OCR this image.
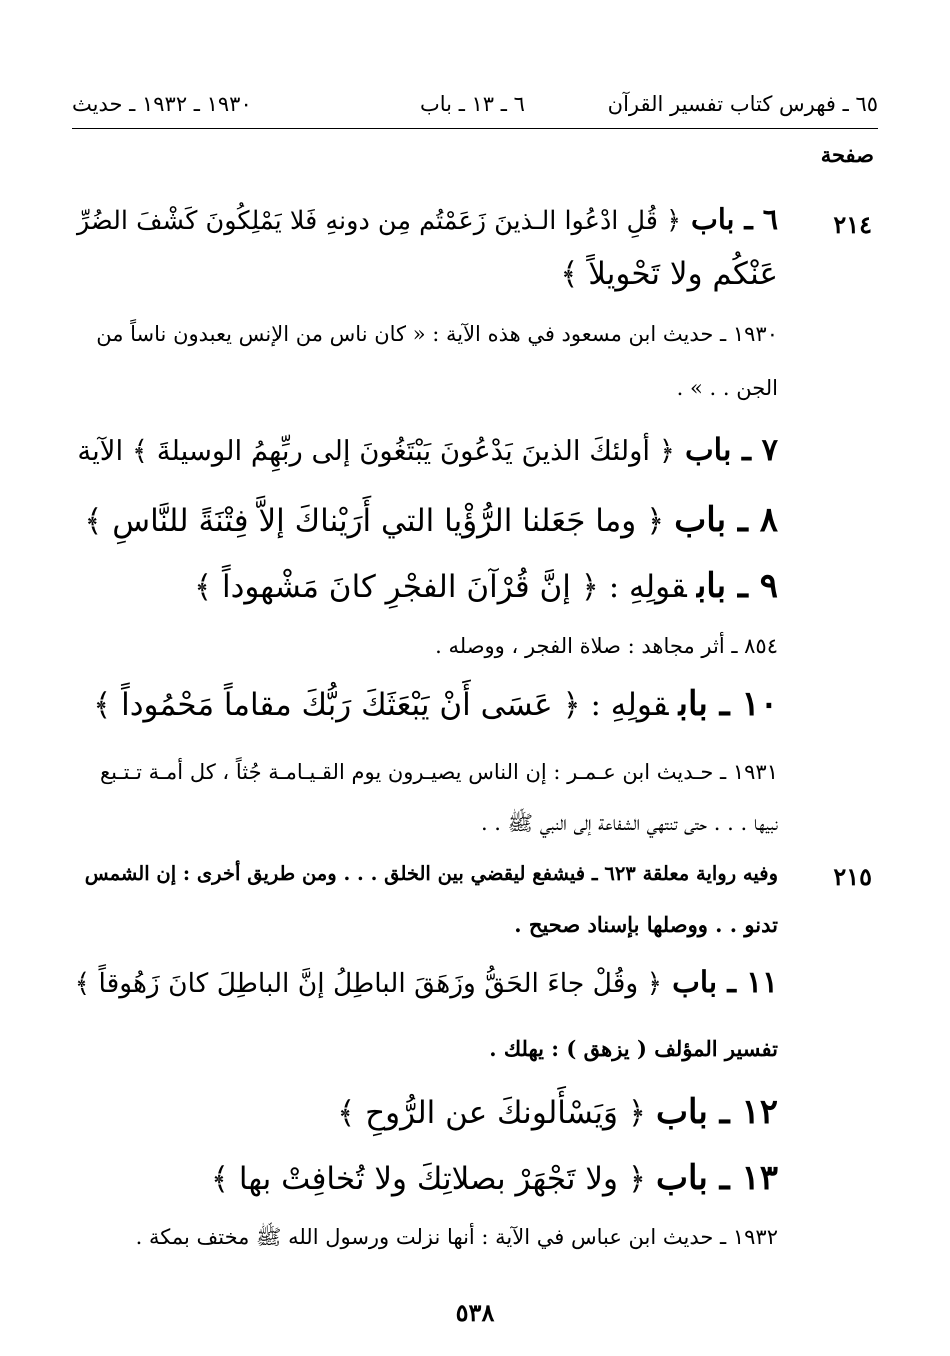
٦٥ ـ فهرس كتاب تفسير القرآن
٦ ـ ١٣ ـ باب
١٩٣٠ ـ ١٩٣٢ ـ حديث
صفحة
٢١٤
٢١٥
٦ ـ باب﴿ قُلِ ادْعُوا الـذينَ زَعَمْتُم مِن دونهِ فَلا يَمْلِكُونَ كَشْفَ الضُرِّ
عَنْكُم ولا تَحْويلاً ﴾
١٩٣٠ ـ حديث ابن مسعود في هذه الآية : « كان ناس من الإنس يعبدون ناساً من
الجن . . » .
٧ ـ باب﴿ أولئكَ الذينَ يَدْعُونَ يَبْتَغُونَ إلى ربِّهِمُ الوسيلةَ ﴾ الآية
٨ ـ باب﴿ وما جَعَلنا الرُّؤْيا التي أَرَيْناكَ إلاَّ فِتْنَةً للنَّاسِ ﴾
٩ ـ بابقولِهِ : ﴿ إنَّ قُرْآنَ الفجْرِ كانَ مَشْهوداً ﴾
٨٥٤ ـ أثر مجاهد : صلاة الفجر ، ووصله .
١٠ ـ بابقولِهِ : ﴿ عَسَى أَنْ يَبْعَثَكَ رَبُّكَ مقاماً مَحْمُوداً ﴾
١٩٣١ ـ حـديث ابن عـمـر : إن الناس يصيـرون يوم القـيـامـة جُثاً ، كل أمـة تـتـبع
نبيها . . . حتى تنتهي الشفاعة إلى النبي ﷺ . .
وفيه رواية معلقة ٦٢٣ ـ فيشفع ليقضي بين الخلق . . . ومن طريق أخرى : إن الشمس
تدنو . . ووصلها بإسناد صحيح .
١١ ـ باب﴿ وقُلْ جاءَ الحَقُّ وزَهَقَ الباطِلُ إنَّ الباطِلَ كانَ زَهُوقاً ﴾
تفسير المؤلف ( يزهق ) : يهلك .
١٢ ـ باب﴿ وَيَسْأَلونكَ عن الرُّوحِ ﴾
١٣ ـ باب﴿ ولا تَجْهَرْ بصلاتِكَ ولا تُخافِتْ بها ﴾
١٩٣٢ ـ حديث ابن عباس في الآية : أنها نزلت ورسول الله ﷺ مختف بمكة .
٥٣٨
